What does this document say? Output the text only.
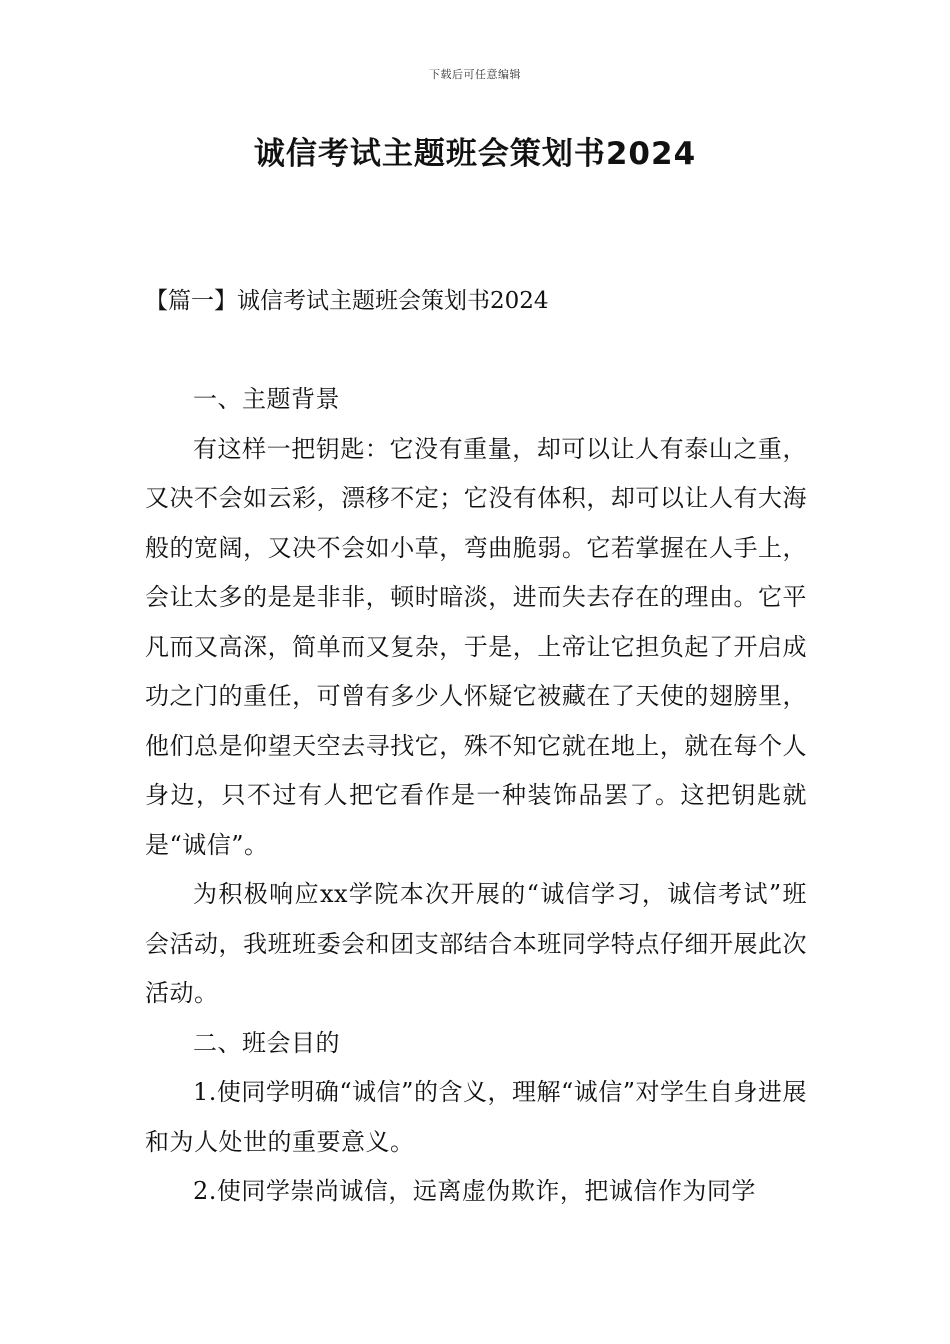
下载后可任意编辑
诚信考试主题班会策划书2024
【篇一】诚信考试主题班会策划书2024

一、主题背景

有这样一把钥匙：它没有重量，却可以让人有泰山之重，又决不会如云彩，漂移不定；它没有体积，却可以让人有大海般的宽阔，又决不会如小草，弯曲脆弱。它若掌握在人手上，会让太多的是是非非，顿时暗淡，进而失去存在的理由。它平凡而又高深，简单而又复杂，于是，上帝让它担负起了开启成功之门的重任，可曾有多少人怀疑它被藏在了天使的翅膀里，他们总是仰望天空去寻找它，殊不知它就在地上，就在每个人身边，只不过有人把它看作是一种装饰品罢了。这把钥匙就是“诚信”。

为积极响应xx学院本次开展的“诚信学习，诚信考试”班会活动，我班班委会和团支部结合本班同学特点仔细开展此次活动。

二、班会目的

1.使同学明确“诚信”的含义，理解“诚信”对学生自身进展和为人处世的重要意义。

2.使同学崇尚诚信，远离虚伪欺诈，把诚信作为同学
